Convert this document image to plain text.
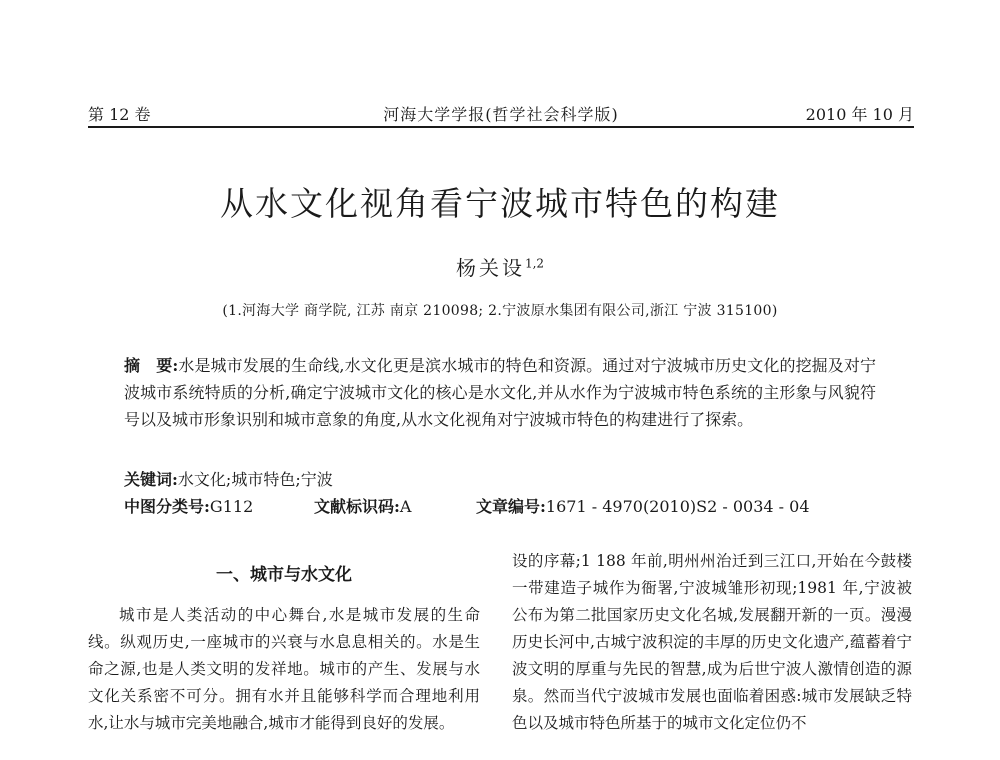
河海大学学报(哲学社会科学版)
第 12 卷	2010 年 10 月
从水文化视角看宁波城市特色的构建
杨关设$^{1,2}$
(1.河海大学 商学院, 江苏 南京 210098; 2.宁波原水集团有限公司,浙江 宁波 315100)

摘　要:水是城市发展的生命线,水文化更是滨水城市的特色和资源。通过对宁波城市历史文化的挖掘及对宁波城市系统特质的分析,确定宁波城市文化的核心是水文化,并从水作为宁波城市特色系统的主形象与风貌符号以及城市形象识别和城市意象的角度,从水文化视角对宁波城市特色的构建进行了探索。

关键词:水文化;城市特色;宁波
中图分类号:G112	文献标识码:A	文章编号:1671 - 4970(2010)S2 - 0034 - 04
一、城市与水文化

城市是人类活动的中心舞台,水是城市发展的生命线。纵观历史,一座城市的兴衰与水息息相关的。水是生命之源,也是人类文明的发祥地。城市的产生、发展与水文化关系密不可分。拥有水并且能够科学而合理地利用水,让水与城市完美地融合,城市才能得到良好的发展。

设的序幕;1 188 年前,明州州治迁到三江口,开始在今鼓楼一带建造子城作为衙署,宁波城雏形初现;1981 年,宁波被公布为第二批国家历史文化名城,发展翻开新的一页。漫漫历史长河中,古城宁波积淀的丰厚的历史文化遗产,蕴蓄着宁波文明的厚重与先民的智慧,成为后世宁波人激情创造的源泉。然而当代宁波城市发展也面临着困惑:城市发展缺乏特色以及城市特色所基于的城市文化定位仍不
